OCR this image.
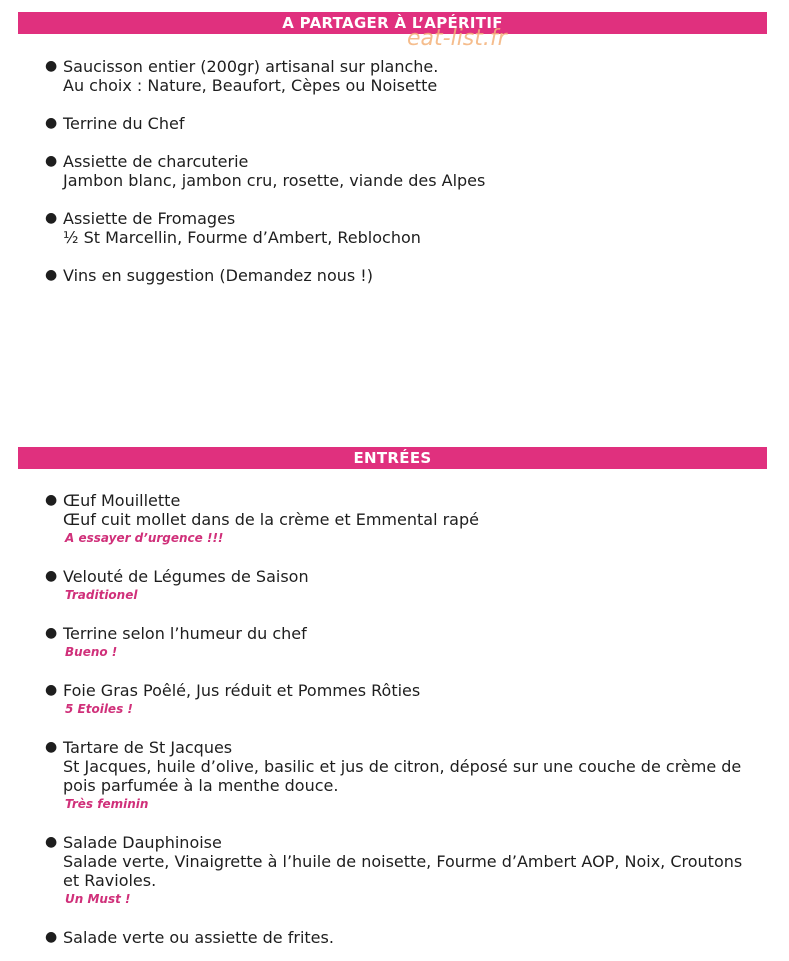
A PARTAGER À L’APÉRITIF
eat-list.fr
● Saucisson entier (200gr) artisanal sur planche.
Au choix : Nature, Beaufort, Cèpes ou Noisette
● Terrine du Chef
● Assiette de charcuterie
Jambon blanc, jambon cru, rosette, viande des Alpes
● Assiette de Fromages
½ St Marcellin, Fourme d’Ambert, Reblochon
● Vins en suggestion (Demandez nous !)
ENTRÉES
● Œuf Mouillette
Œuf cuit mollet dans de la crème et Emmental rapé
A essayer d’urgence !!!
● Velouté de Légumes de Saison
Traditionel
● Terrine selon l’humeur du chef
Bueno !
● Foie Gras Poêlé, Jus réduit et Pommes Rôties
5 Etoiles !
● Tartare de St Jacques
St Jacques, huile d’olive, basilic et jus de citron, déposé sur une couche de crème de
pois parfumée à la menthe douce.
Très feminin
● Salade Dauphinoise
Salade verte, Vinaigrette à l’huile de noisette, Fourme d’Ambert AOP, Noix, Croutons
et Ravioles.
Un Must !
● Salade verte ou assiette de frites.
